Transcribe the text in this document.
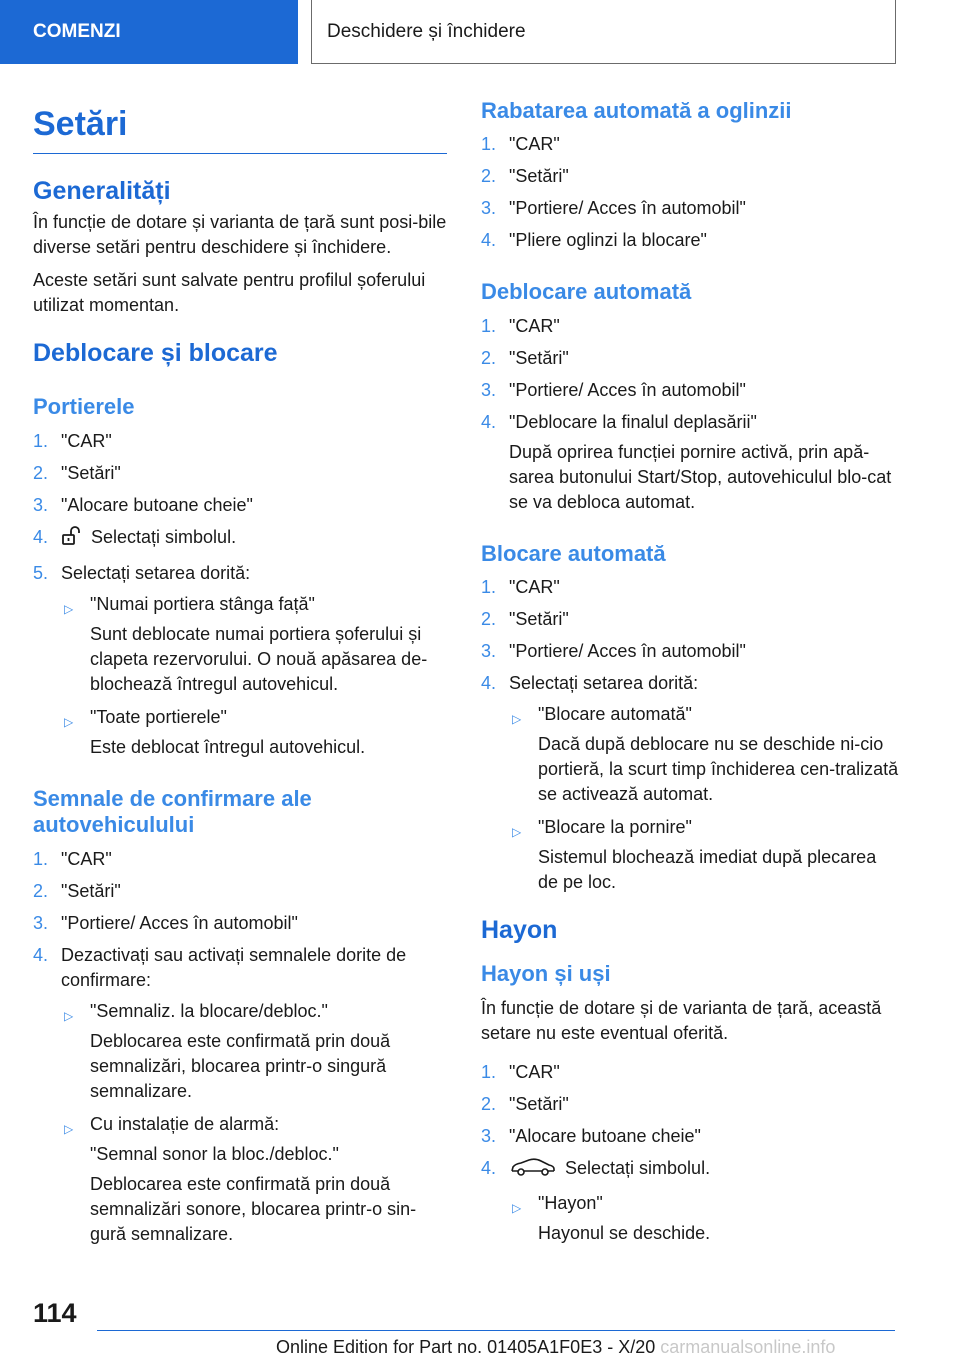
COMENZI	Deschidere și închidere
Setări
Generalități

În funcție de dotare și varianta de țară sunt posi-bile diverse setări pentru deschidere și închidere.

Aceste setări sunt salvate pentru profilul șoferului utilizat momentan.

Deblocare și blocare
Portierele
1. "CAR"
2. "Setări"
3. "Alocare butoane cheie"
4. Selectați simbolul.
5. Selectați setarea dorită:
▷ "Numai portiera stânga față"
Sunt deblocate numai portiera șoferului și clapeta rezervorului. O nouă apăsarea de-blochează întregul autovehicul.
▷ "Toate portierele"
Este deblocat întregul autovehicul.
Semnale de confirmare ale autovehiculului
1. "CAR"
2. "Setări"
3. "Portiere/ Acces în automobil"
4. Dezactivați sau activați semnalele dorite de confirmare:
▷ "Semnaliz. la blocare/debloc."
Deblocarea este confirmată prin două semnalizări, blocarea printr-o singură semnalizare.
▷ Cu instalație de alarmă:
"Semnal sonor la bloc./debloc."
Deblocarea este confirmată prin două semnalizări sonore, blocarea printr-o sin-gură semnalizare.
Rabatarea automată a oglinzii
1. "CAR"
2. "Setări"
3. "Portiere/ Acces în automobil"
4. "Pliere oglinzi la blocare"
Deblocare automată
1. "CAR"
2. "Setări"
3. "Portiere/ Acces în automobil"
4. "Deblocare la finalul deplasării"
După oprirea funcției pornire activă, prin apă-sarea butonului Start/Stop, autovehiculul blo-cat se va debloca automat.
Blocare automată
1. "CAR"
2. "Setări"
3. "Portiere/ Acces în automobil"
4. Selectați setarea dorită:
▷ "Blocare automată"
Dacă după deblocare nu se deschide ni-cio portieră, la scurt timp închiderea cen-tralizată se activează automat.
▷ "Blocare la pornire"
Sistemul blochează imediat după plecarea de pe loc.
Hayon
Hayon și uși

În funcție de dotare și de varianta de țară, această setare nu este eventual oferită.

1. "CAR"
2. "Setări"
3. "Alocare butoane cheie"
4.	Selectați simbolul.
▷ "Hayon"
Hayonul se deschide.
114
Online Edition for Part no. 01405A1F0E3 - X/20 carmanualsonline.info
